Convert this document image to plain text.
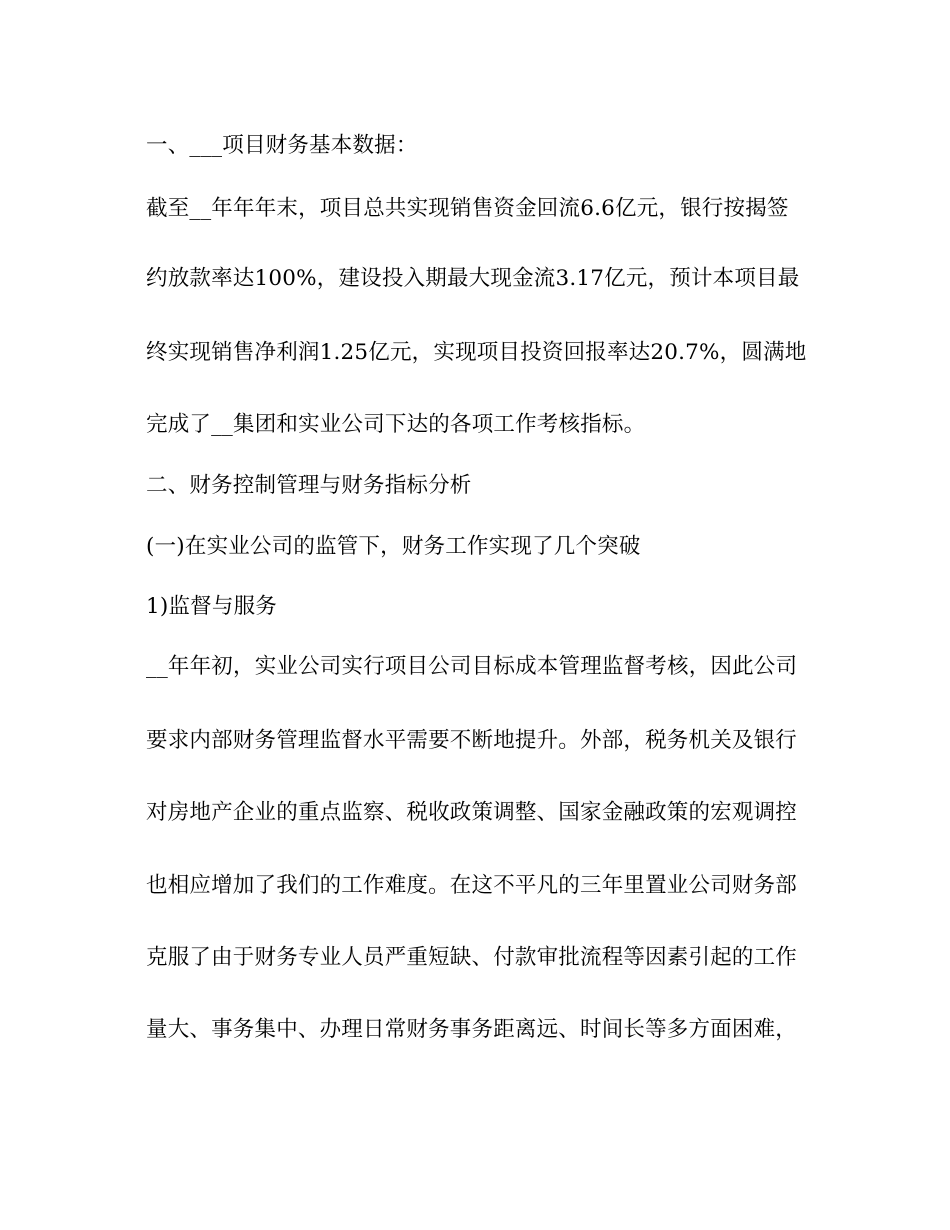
一、___项目财务基本数据：
截至__年年年末，项目总共实现销售资金回流6.6亿元，银行按揭签
约放款率达100%，建设投入期最大现金流3.17亿元，预计本项目最
终实现销售净利润1.25亿元，实现项目投资回报率达20.7%，圆满地
完成了__集团和实业公司下达的各项工作考核指标。
二、财务控制管理与财务指标分析
(一)在实业公司的监管下，财务工作实现了几个突破
1)监督与服务
__年年初，实业公司实行项目公司目标成本管理监督考核，因此公司
要求内部财务管理监督水平需要不断地提升。外部，税务机关及银行
对房地产企业的重点监察、税收政策调整、国家金融政策的宏观调控
也相应增加了我们的工作难度。在这不平凡的三年里置业公司财务部
克服了由于财务专业人员严重短缺、付款审批流程等因素引起的工作
量大、事务集中、办理日常财务事务距离远、时间长等多方面困难，
